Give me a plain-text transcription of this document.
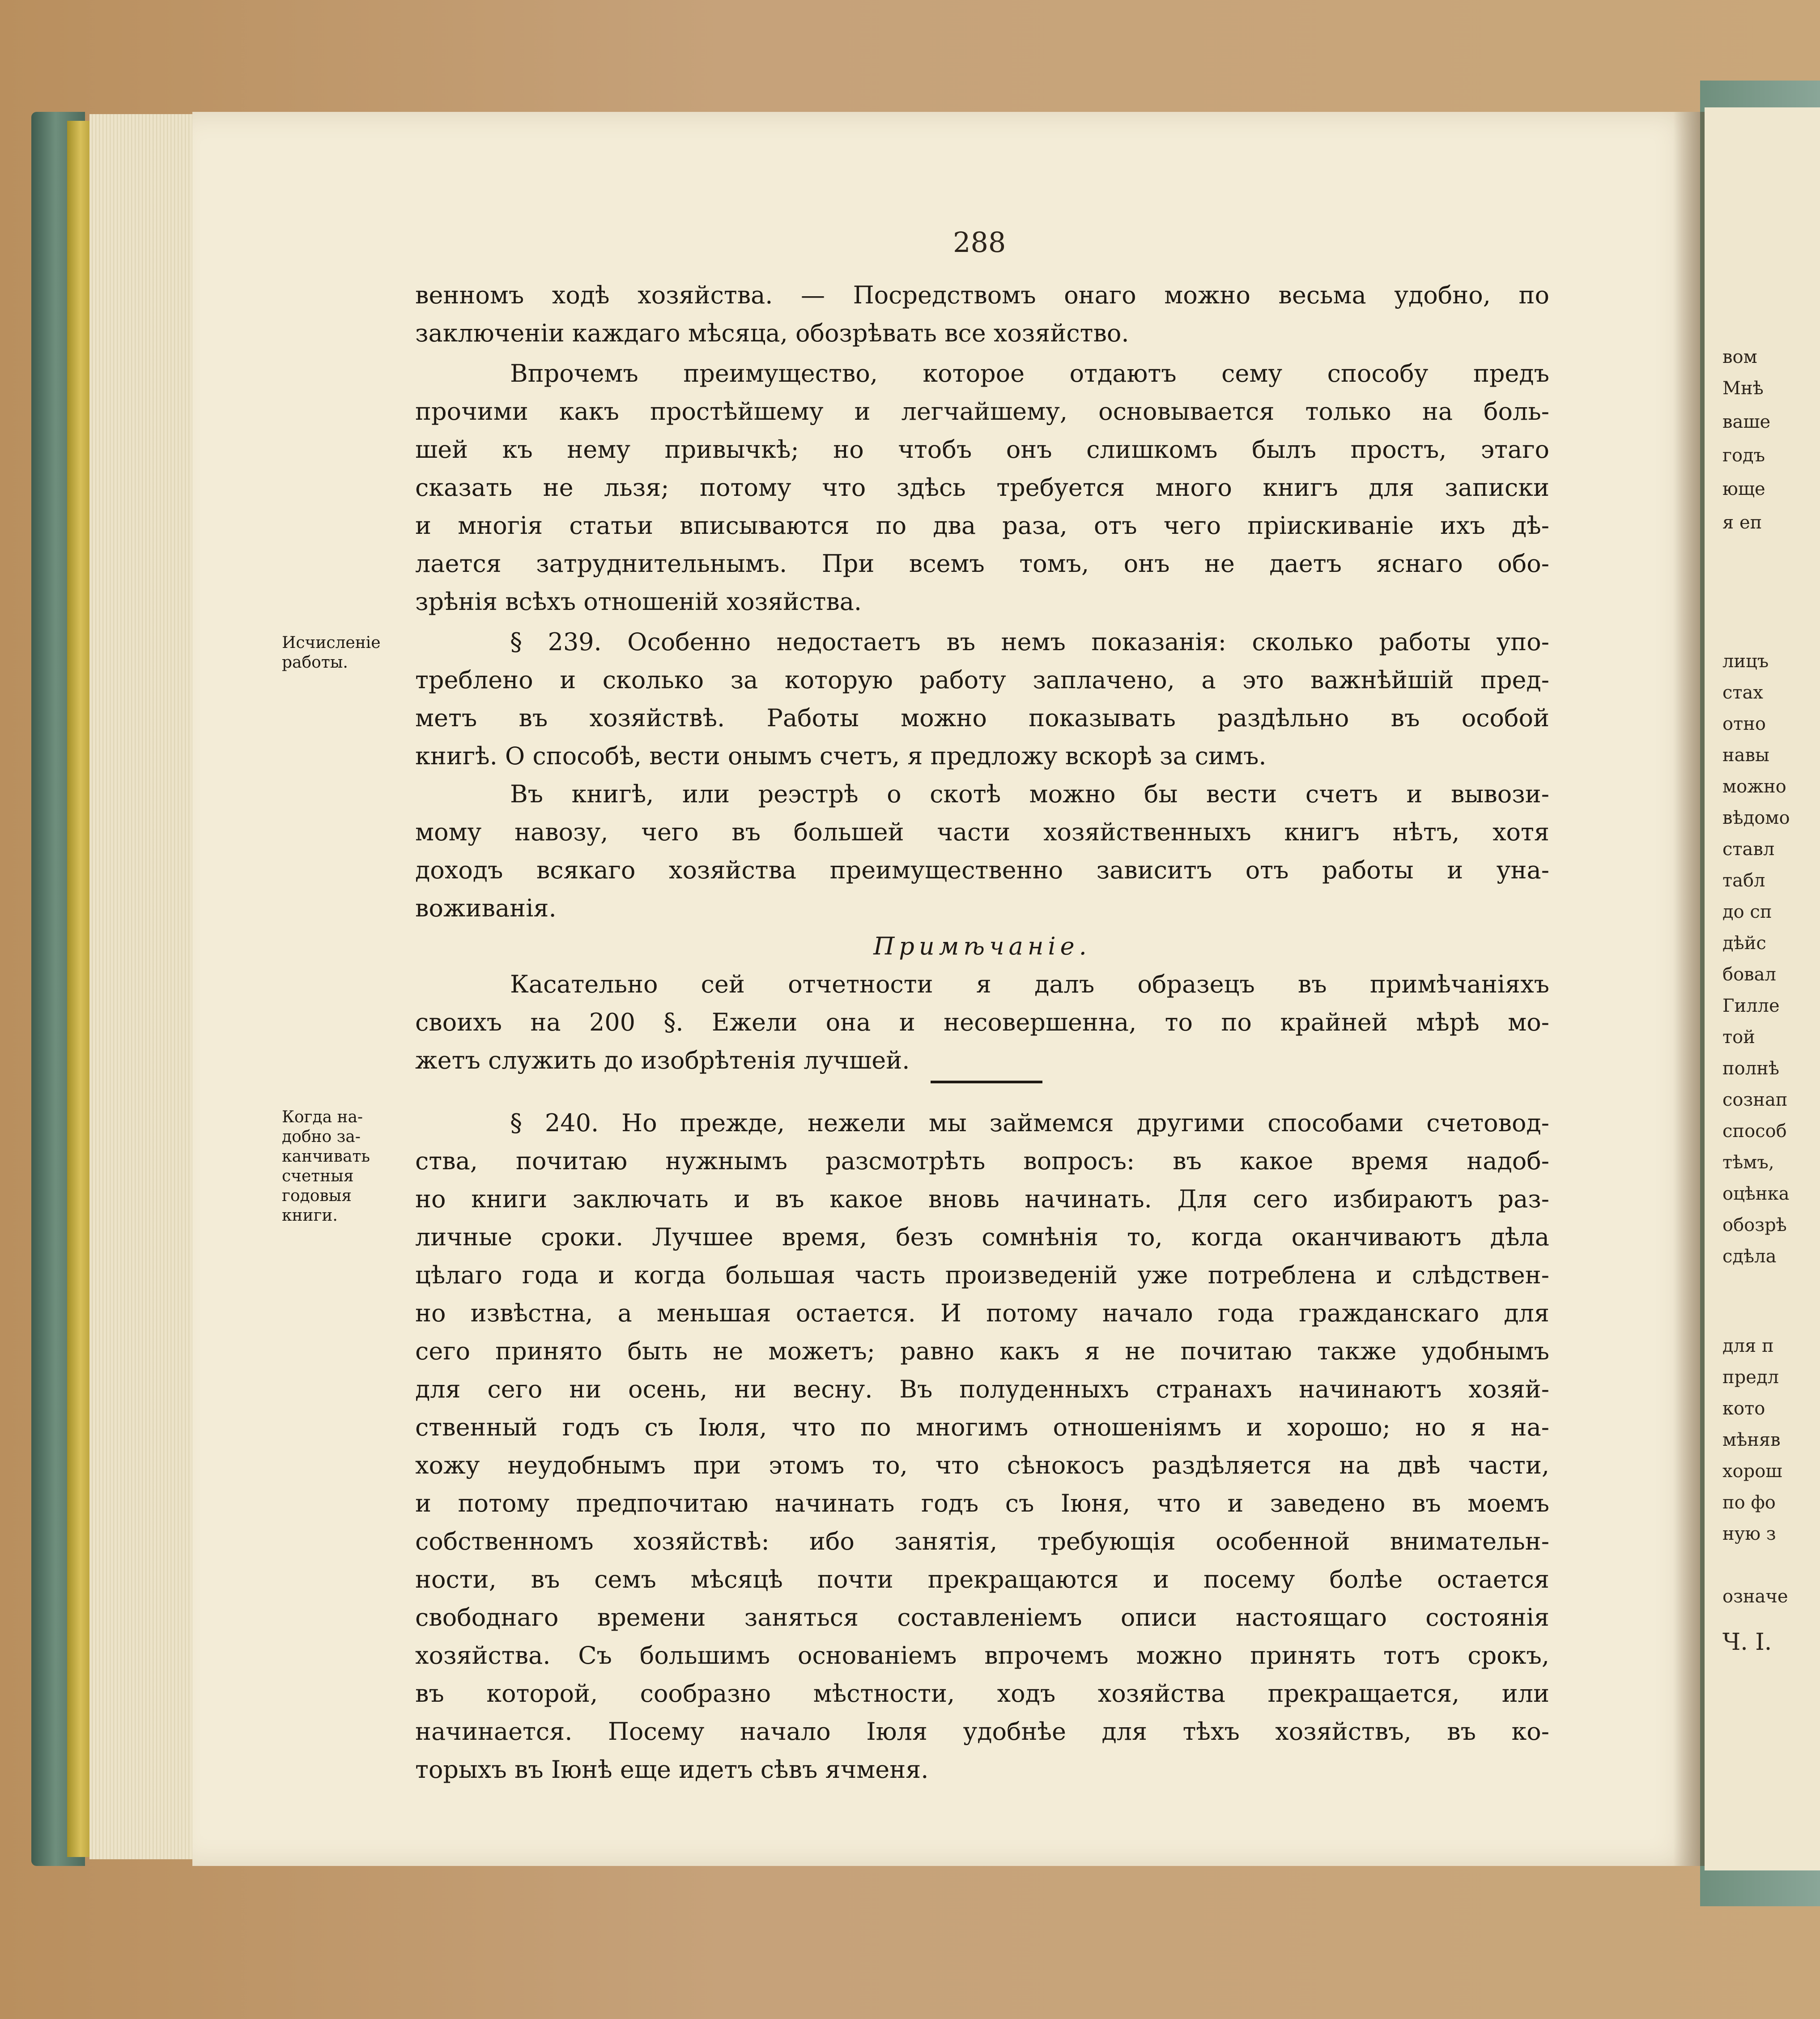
вом
Мнѣ
ваше
годъ
юще
я еп
лицъ
стах
отно
навы
можно
вѣдомо
ставл
табл
до сп
дѣйс
бовал
Гилле
той
полнѣ
сознап
способ
тѣмъ,
оцѣнка
обозрѣ
сдѣла
для п
предл
кото
мѣняв
хорош
по фо
ную з
означе
Ч. І.
288
Исчисленіе
работы.
Когда на-
добно за-
канчивать
счетныя
годовыя
книги.
венномъ ходѣ хозяйства. — Посредствомъ онаго можно весьма удобно, по
заключеніи каждаго мѣсяца, обозрѣвать все хозяйство.
Впрочемъ преимущество, которое отдаютъ сему способу предъ
прочими какъ простѣйшему и легчайшему, основывается только на боль-
шей къ нему привычкѣ; но чтобъ онъ слишкомъ былъ простъ, этаго
сказать не льзя; потому что здѣсь требуется много книгъ для записки
и многія статьи вписываются по два раза, отъ чего пріискиваніе ихъ дѣ-
лается затруднительнымъ. При всемъ томъ, онъ не даетъ яснаго обо-
зрѣнія всѣхъ отношеній хозяйства.
§ 239. Особенно недостаетъ въ немъ показанія: сколько работы упо-
треблено и сколько за которую работу заплачено, а это важнѣйшій пред-
метъ въ хозяйствѣ. Работы можно показывать раздѣльно въ особой
книгѣ. О способѣ, вести онымъ счетъ, я предложу вскорѣ за симъ.
Въ книгѣ, или реэстрѣ о скотѣ можно бы вести счетъ и вывози-
мому навозу, чего въ большей части хозяйственныхъ книгъ нѣтъ, хотя
доходъ всякаго хозяйства преимущественно зависитъ отъ работы и уна-
воживанія.
Примѣчаніе.
Касательно сей отчетности я далъ образецъ въ примѣчаніяхъ
своихъ на 200 §. Ежели она и несовершенна, то по крайней мѣрѣ мо-
жетъ служить до изобрѣтенія лучшей.
§ 240. Но прежде, нежели мы займемся другими способами счетовод-
ства, почитаю нужнымъ разсмотрѣть вопросъ: въ какое время надоб-
но книги заключать и въ какое вновь начинать. Для сего избираютъ раз-
личные сроки. Лучшее время, безъ сомнѣнія то, когда оканчиваютъ дѣла
цѣлаго года и когда большая часть произведеній уже потреблена и слѣдствен-
но извѣстна, а меньшая остается. И потому начало года гражданскаго для
сего принято быть не можетъ; равно какъ я не почитаю также удобнымъ
для сего ни осень, ни весну. Въ полуденныхъ странахъ начинаютъ хозяй-
ственный годъ съ Іюля, что по многимъ отношеніямъ и хорошо; но я на-
хожу неудобнымъ при этомъ то, что сѣнокосъ раздѣляется на двѣ части,
и потому предпочитаю начинать годъ съ Іюня, что и заведено въ моемъ
собственномъ хозяйствѣ: ибо занятія, требующія особенной внимательн-
ности, въ семъ мѣсяцѣ почти прекращаются и посему болѣе остается
свободнаго времени заняться составленіемъ описи настоящаго состоянія
хозяйства. Съ большимъ основаніемъ впрочемъ можно принять тотъ срокъ,
въ которой, сообразно мѣстности, ходъ хозяйства прекращается, или
начинается. Посему начало Іюля удобнѣе для тѣхъ хозяйствъ, въ ко-
торыхъ въ Іюнѣ еще идетъ сѣвъ ячменя.
